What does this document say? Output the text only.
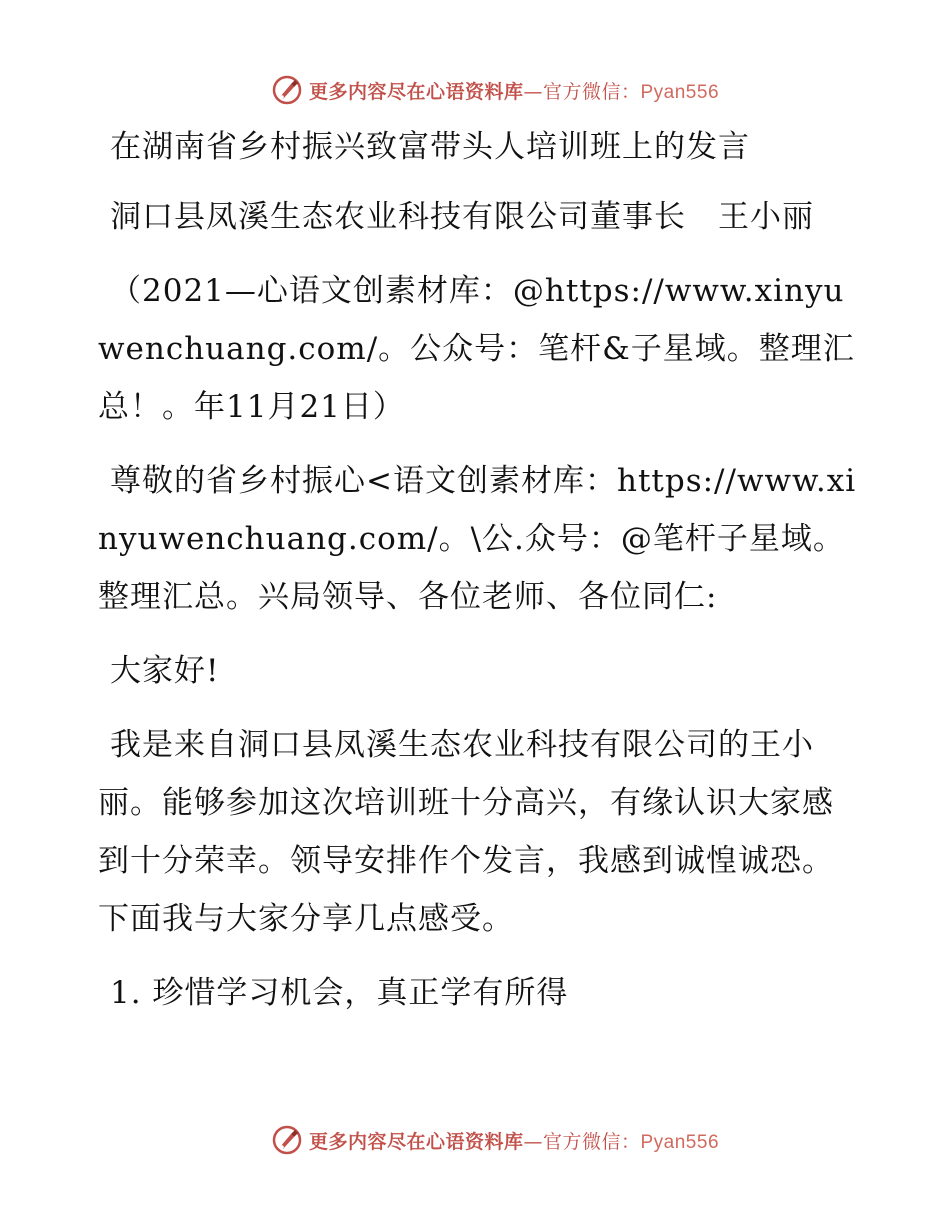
更多内容尽在心语资料库—官方微信：Pyan556

在湖南省乡村振兴致富带头人培训班上的发言

洞口县凤溪生态农业科技有限公司董事长　王小丽

（2021—心语文创素材库：@https://www.xinyuwenchuang.com/。公众号：笔杆&子星域。整理汇总！。年11月21日）

尊敬的省乡村振心<语文创素材库：https://www.xinyuwenchuang.com/。\公.众号：@笔杆子星域。整理汇总。兴局领导、各位老师、各位同仁:

大家好!

我是来自洞口县凤溪生态农业科技有限公司的王小丽。能够参加这次培训班十分高兴，有缘认识大家感到十分荣幸。领导安排作个发言，我感到诚惶诚恐。下面我与大家分享几点感受。

1. 珍惜学习机会，真正学有所得

更多内容尽在心语资料库—官方微信：Pyan556
